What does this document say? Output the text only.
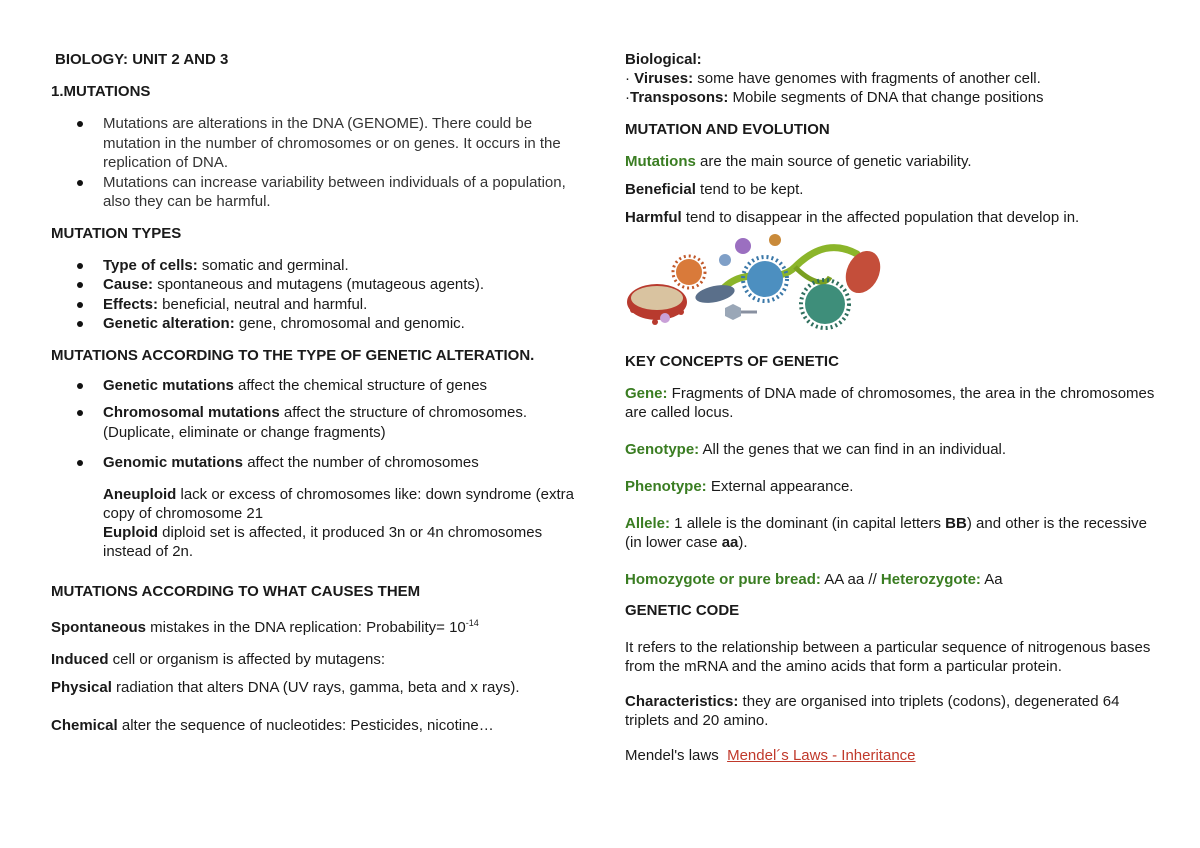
BIOLOGY: UNIT 2 AND 3

1.MUTATIONS

Mutations are alterations in the DNA (GENOME). There could be mutation in the number of chromosomes or on genes. It occurs in the replication of DNA.
Mutations can increase variability between individuals of a population, also they can be harmful.

MUTATION TYPES

Type of cells: somatic and germinal.
Cause: spontaneous and mutagens (mutageous agents).
Effects: beneficial, neutral and harmful.
Genetic alteration: gene, chromosomal and genomic.

MUTATIONS ACCORDING TO THE TYPE OF GENETIC ALTERATION.

Genetic mutations affect the chemical structure of genes
Chromosomal mutations affect the structure of chromosomes. (Duplicate, eliminate or change fragments)
Genomic mutations affect the number of chromosomes

Aneuploid lack or excess of chromosomes like: down syndrome (extra copy of chromosome 21

Euploid diploid set is affected, it produced 3n or 4n chromosomes instead of 2n.

MUTATIONS ACCORDING TO WHAT CAUSES THEM

Spontaneous mistakes in the DNA replication: Probability= $10^{-14}$

Induced cell or organism is affected by mutagens:

Physical radiation that alters DNA (UV rays, gamma, beta and x rays).

Chemical alter the sequence of nucleotides: Pesticides, nicotine…

Biological:

· Viruses: some have genomes with fragments of another cell.

·Transposons: Mobile segments of DNA that change positions

MUTATION AND EVOLUTION

Mutations are the main source of genetic variability.

Beneficial tend to be kept.

Harmful tend to disappear in the affected population that develop in.

KEY CONCEPTS OF GENETIC

Gene: Fragments of DNA made of chromosomes, the area in the chromosomes are called locus.

Genotype: All the genes that we can find in an individual.

Phenotype: External appearance.

Allele: 1 allele is the dominant (in capital letters BB) and other is the recessive (in lower case aa).

Homozygote or pure bread: AA aa // Heterozygote: Aa

GENETIC CODE

It refers to the relationship between a particular sequence of nitrogenous bases from the mRNA and the amino acids that form a particular protein.

Characteristics: they are organised into triplets (codons), degenerated 64 triplets and 20 amino.

Mendel's laws  Mendel´s Laws - Inheritance
